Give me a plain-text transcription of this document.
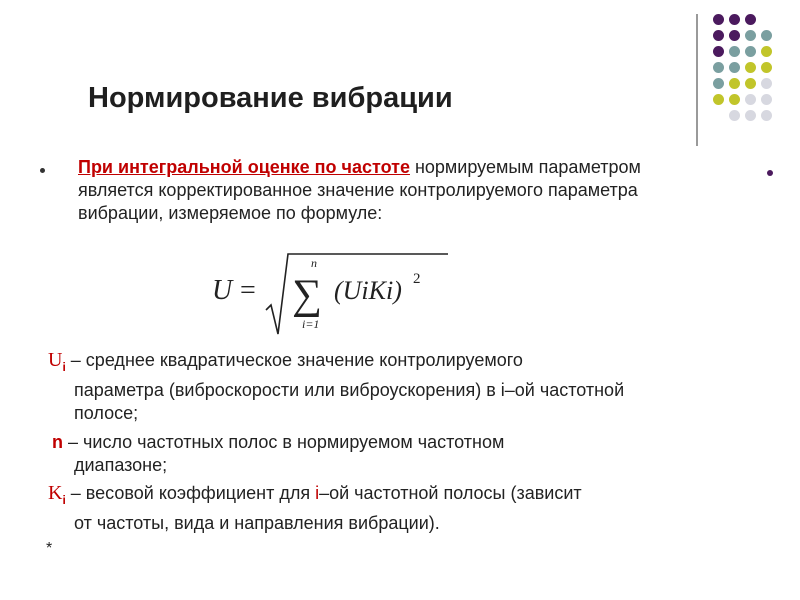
Нормирование вибрации

При интегральной оценке по частоте нормируемым параметром является корректированное значение контролируемого параметра вибрации, измеряемое по формуле:

U =
n
∑
i=1
(UiKi) 2

$U_i$ – среднее квадратическое значение контролируемого
параметра (виброскорости или виброускорения) в i–ой частотной полосе;

n – число частотных полос в нормируемом частотном
диапазоне;

$K_i$ – весовой коэффициент для i–ой частотной полосы (зависит
от частоты, вида и направления вибрации).

*
